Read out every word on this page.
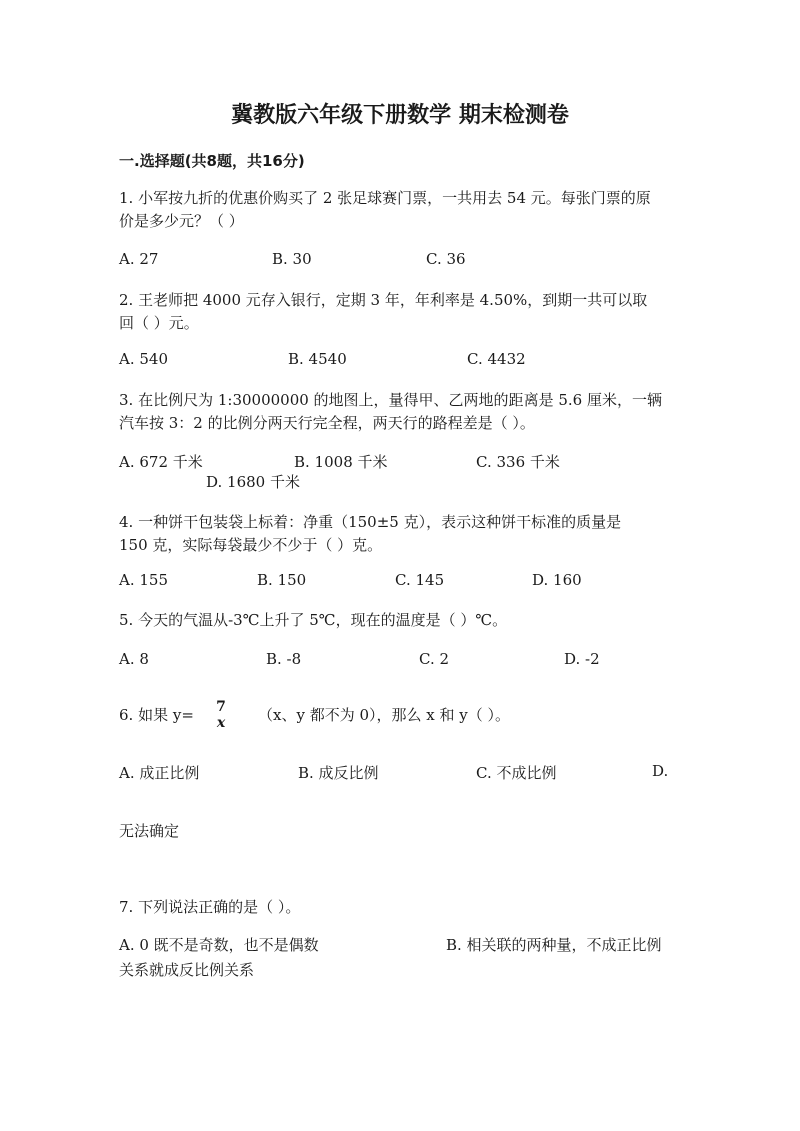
冀教版六年级下册数学 期末检测卷
一.选择题(共8题，共16分)
1. 小军按九折的优惠价购买了 2 张足球赛门票，一共用去 54 元。每张门票的原
价是多少元？（ ）
A. 27	B. 30	C. 36
2. 王老师把 4000 元存入银行，定期 3 年，年利率是 4.50%，到期一共可以取
回（ ）元。
A. 540	B. 4540	C. 4432
3. 在比例尺为 1:30000000 的地图上，量得甲、乙两地的距离是 5.6 厘米，一辆
汽车按 3：2 的比例分两天行完全程，两天行的路程差是（ ）。
A. 672 千米	B. 1008 千米	C. 336 千米
D. 1680 千米
4. 一种饼干包装袋上标着：净重（150±5 克），表示这种饼干标准的质量是
150 克，实际每袋最少不少于（ ）克。
A. 155	B. 150	C. 145	D. 160
5. 今天的气温从-3℃上升了 5℃，现在的温度是（ ）℃。
A. 8	B. -8	C. 2	D. -2
6. 如果 y= 7
x	（x、y 都不为 0），那么 x 和 y（ ）。
A. 成正比例	B. 成反比例	C. 不成比例	D.
无法确定
7. 下列说法正确的是（ ）。
A. 0 既不是奇数，也不是偶数	B. 相关联的两种量，不成正比例
关系就成反比例关系
